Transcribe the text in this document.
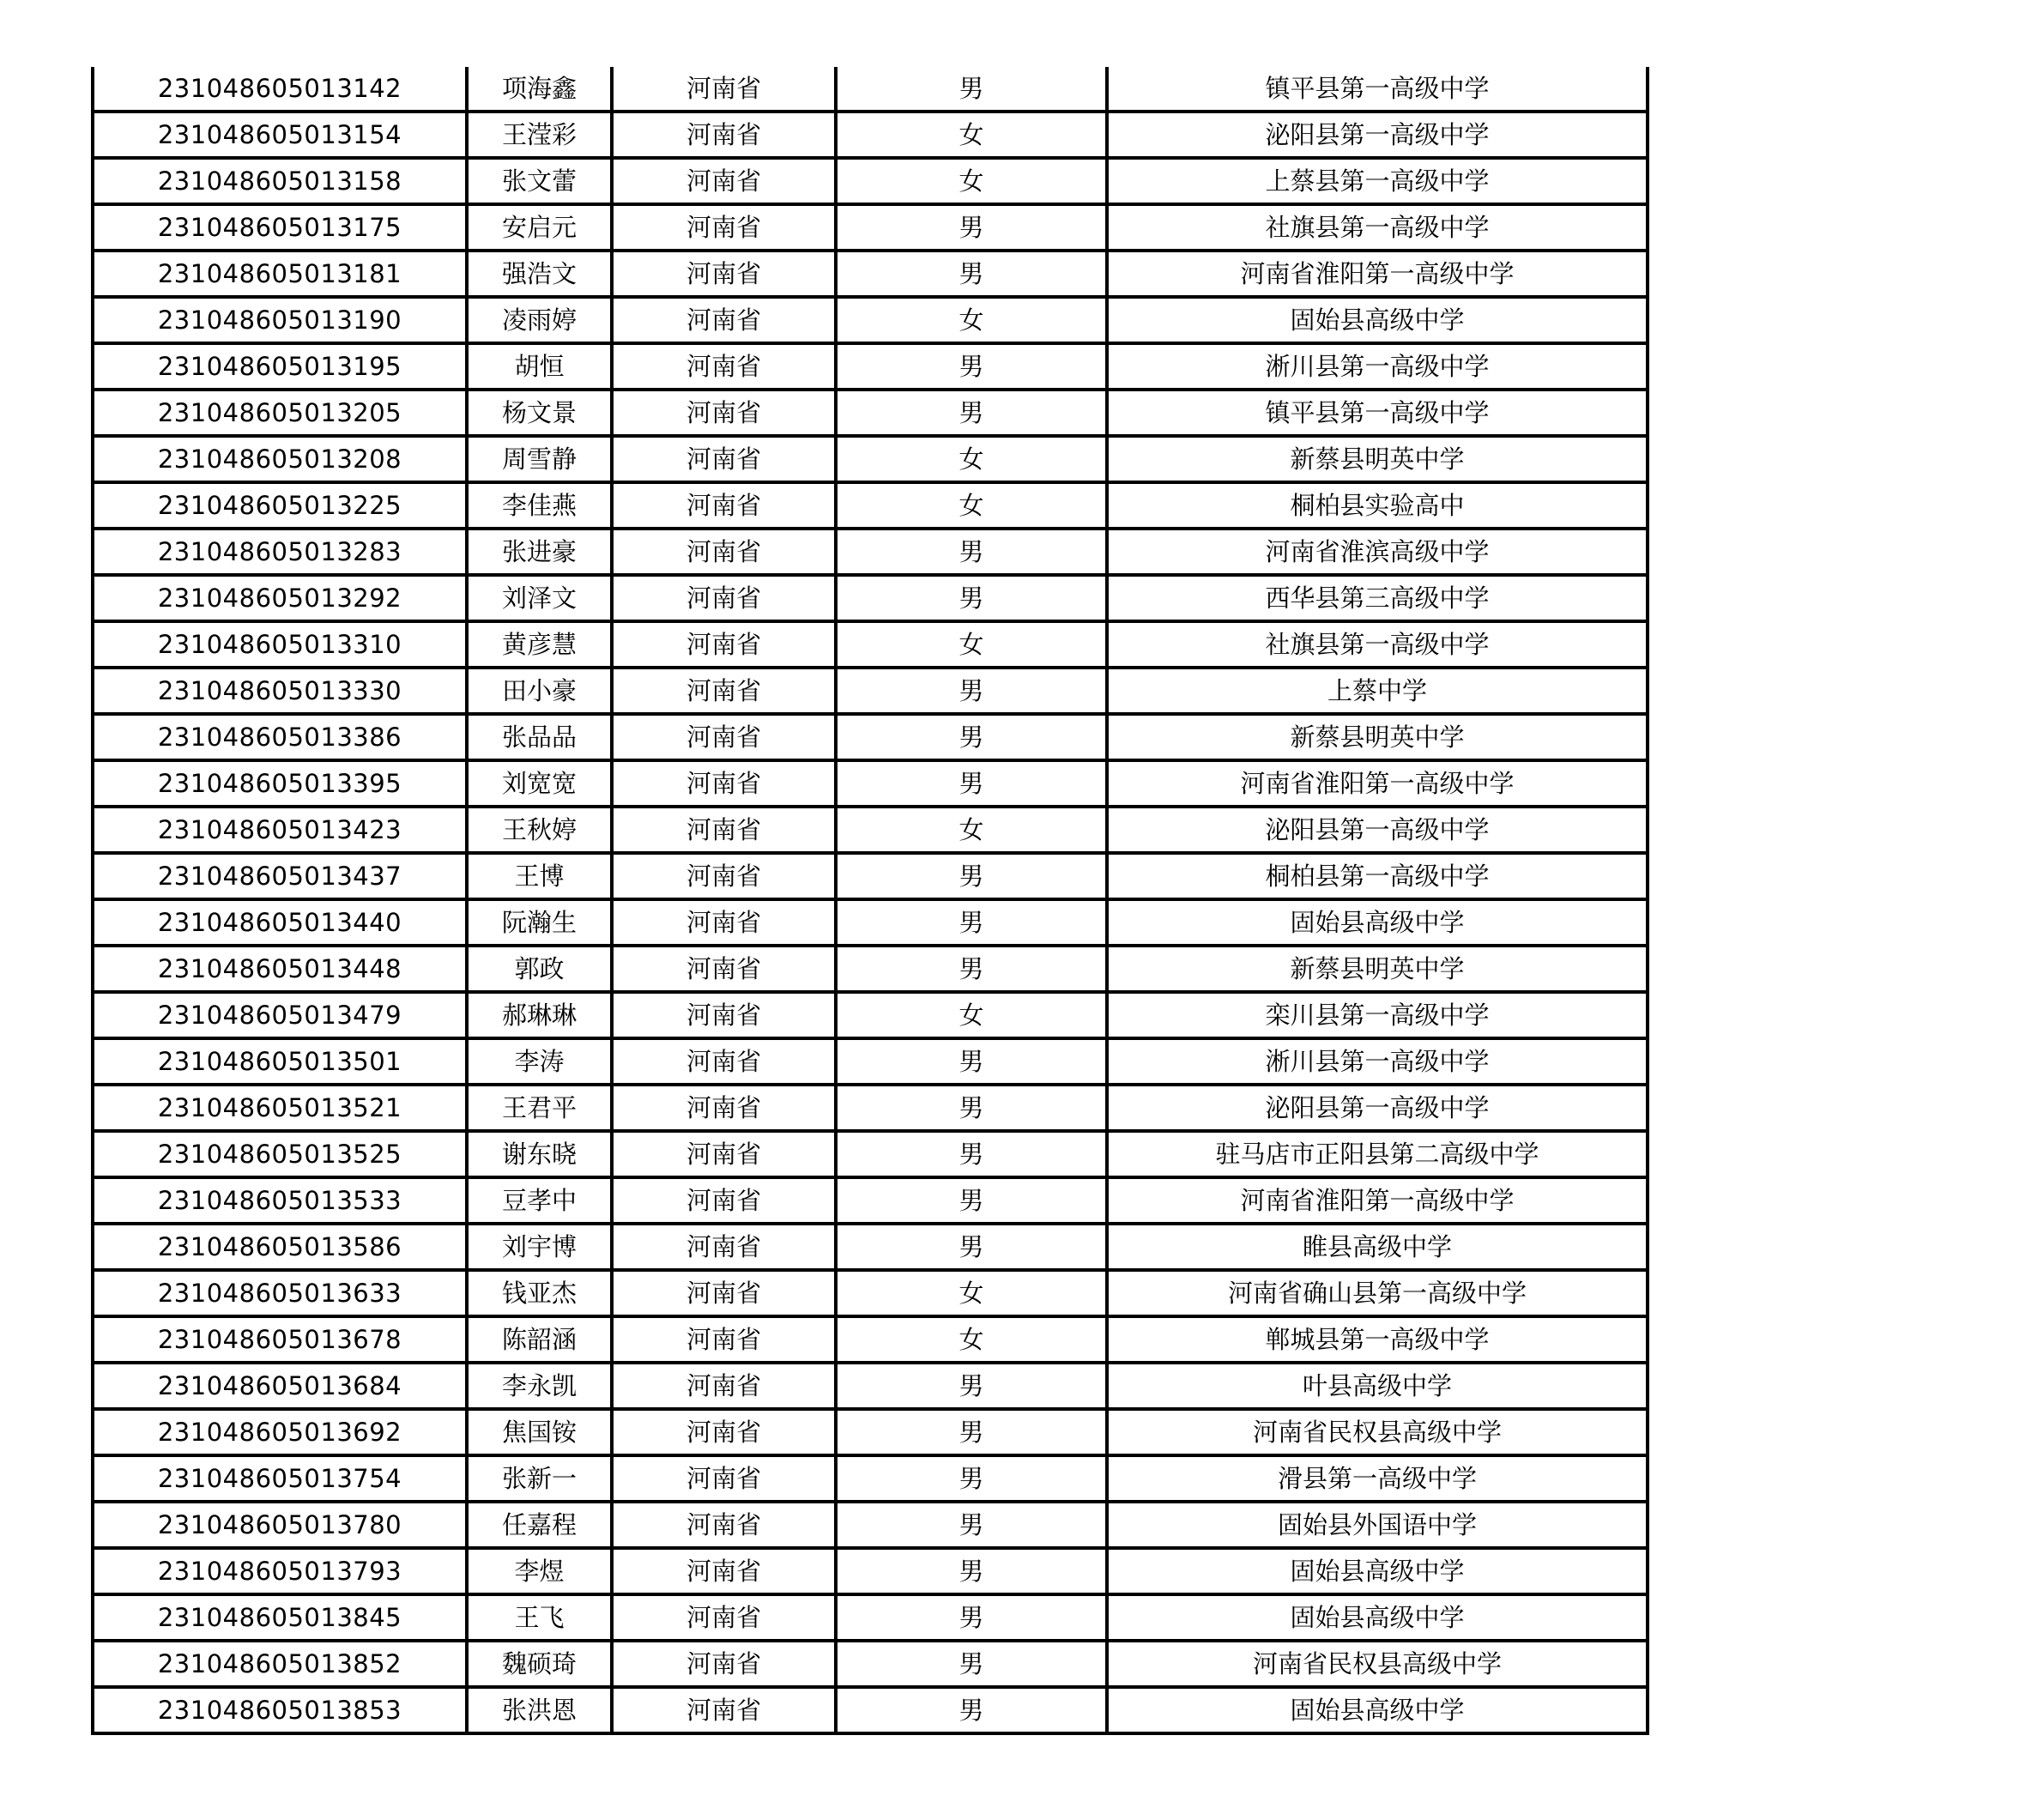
231048605013142	项海鑫	河南省	男	镇平县第一高级中学
231048605013154	王滢彩	河南省	女	泌阳县第一高级中学
231048605013158	张文蕾	河南省	女	上蔡县第一高级中学
231048605013175	安启元	河南省	男	社旗县第一高级中学
231048605013181	强浩文	河南省	男	河南省淮阳第一高级中学
231048605013190	凌雨婷	河南省	女	固始县高级中学
231048605013195	胡恒	河南省	男	淅川县第一高级中学
231048605013205	杨文景	河南省	男	镇平县第一高级中学
231048605013208	周雪静	河南省	女	新蔡县明英中学
231048605013225	李佳燕	河南省	女	桐柏县实验高中
231048605013283	张进豪	河南省	男	河南省淮滨高级中学
231048605013292	刘泽文	河南省	男	西华县第三高级中学
231048605013310	黄彦慧	河南省	女	社旗县第一高级中学
231048605013330	田小豪	河南省	男	上蔡中学
231048605013386	张品品	河南省	男	新蔡县明英中学
231048605013395	刘宽宽	河南省	男	河南省淮阳第一高级中学
231048605013423	王秋婷	河南省	女	泌阳县第一高级中学
231048605013437	王博	河南省	男	桐柏县第一高级中学
231048605013440	阮瀚生	河南省	男	固始县高级中学
231048605013448	郭政	河南省	男	新蔡县明英中学
231048605013479	郝琳琳	河南省	女	栾川县第一高级中学
231048605013501	李涛	河南省	男	淅川县第一高级中学
231048605013521	王君平	河南省	男	泌阳县第一高级中学
231048605013525	谢东晓	河南省	男	驻马店市正阳县第二高级中学
231048605013533	豆孝中	河南省	男	河南省淮阳第一高级中学
231048605013586	刘宇博	河南省	男	睢县高级中学
231048605013633	钱亚杰	河南省	女	河南省确山县第一高级中学
231048605013678	陈韶涵	河南省	女	郸城县第一高级中学
231048605013684	李永凯	河南省	男	叶县高级中学
231048605013692	焦国铵	河南省	男	河南省民权县高级中学
231048605013754	张新一	河南省	男	滑县第一高级中学
231048605013780	任嘉程	河南省	男	固始县外国语中学
231048605013793	李煜	河南省	男	固始县高级中学
231048605013845	王飞	河南省	男	固始县高级中学
231048605013852	魏硕琦	河南省	男	河南省民权县高级中学
231048605013853	张洪恩	河南省	男	固始县高级中学
